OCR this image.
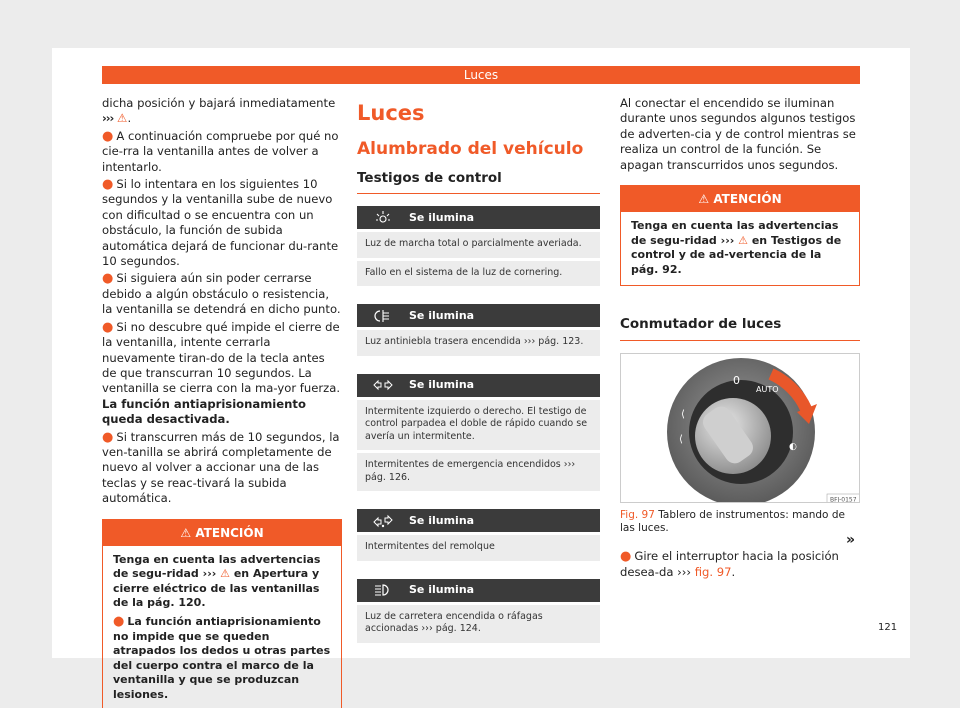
Luces

dicha posición y bajará inmediatamente
››› ⚠.

● A continuación compruebe por qué no cie-rra la ventanilla antes de volver a intentarlo.

● Si lo intentara en los siguientes 10 segundos y la ventanilla sube de nuevo con dificultad o se encuentra con un obstáculo, la función de subida automática dejará de funcionar du-rante 10 segundos.

● Si siguiera aún sin poder cerrarse debido a algún obstáculo o resistencia, la ventanilla se detendrá en dicho punto.

● Si no descubre qué impide el cierre de la ventanilla, intente cerrarla nuevamente tiran-do de la tecla antes de que transcurran 10 segundos. La ventanilla se cierra con la ma-yor fuerza. La función antiaprisionamiento queda desactivada.

● Si transcurren más de 10 segundos, la ven-tanilla se abrirá completamente de nuevo al volver a accionar una de las teclas y se reac-tivará la subida automática.

⚠ ATENCIÓN
Tenga en cuenta las advertencias de segu-ridad ››› ⚠ en Apertura y cierre eléctrico de las ventanillas de la pág. 120.
● La función antiaprisionamiento no impide que se queden atrapados los dedos u otras partes del cuerpo contra el marco de la ventanilla y que se produzcan lesiones.
Luces
Alumbrado del vehículo
Testigos de control
Se ilumina
Luz de marcha total o parcialmente averiada.
Fallo en el sistema de la luz de cornering.
Se ilumina
Luz antiniebla trasera encendida ››› pág. 123.
Se ilumina
Intermitente izquierdo o derecho. El testigo de control parpadea el doble de rápido cuando se avería un intermitente.
Intermitentes de emergencia encendidos ››› pág. 126.
Se ilumina
Intermitentes del remolque
Se ilumina
Luz de carretera encendida o ráfagas accionadas ››› pág. 124.

Al conectar el encendido se iluminan durante unos segundos algunos testigos de adverten-cia y de control mientras se realiza un control de la función. Se apagan transcurridos unos segundos.

⚠ ATENCIÓN
Tenga en cuenta las advertencias de segu-ridad ››› ⚠ en Testigos de control y de ad-vertencia de la pág. 92.
Conmutador de luces
0
AUTO
⟨
⟨
◐
BFJ-0157
Fig. 97 Tablero de instrumentos: mando de las luces.

● Gire el interruptor hacia la posición desea-da ››› fig. 97.

»
121
